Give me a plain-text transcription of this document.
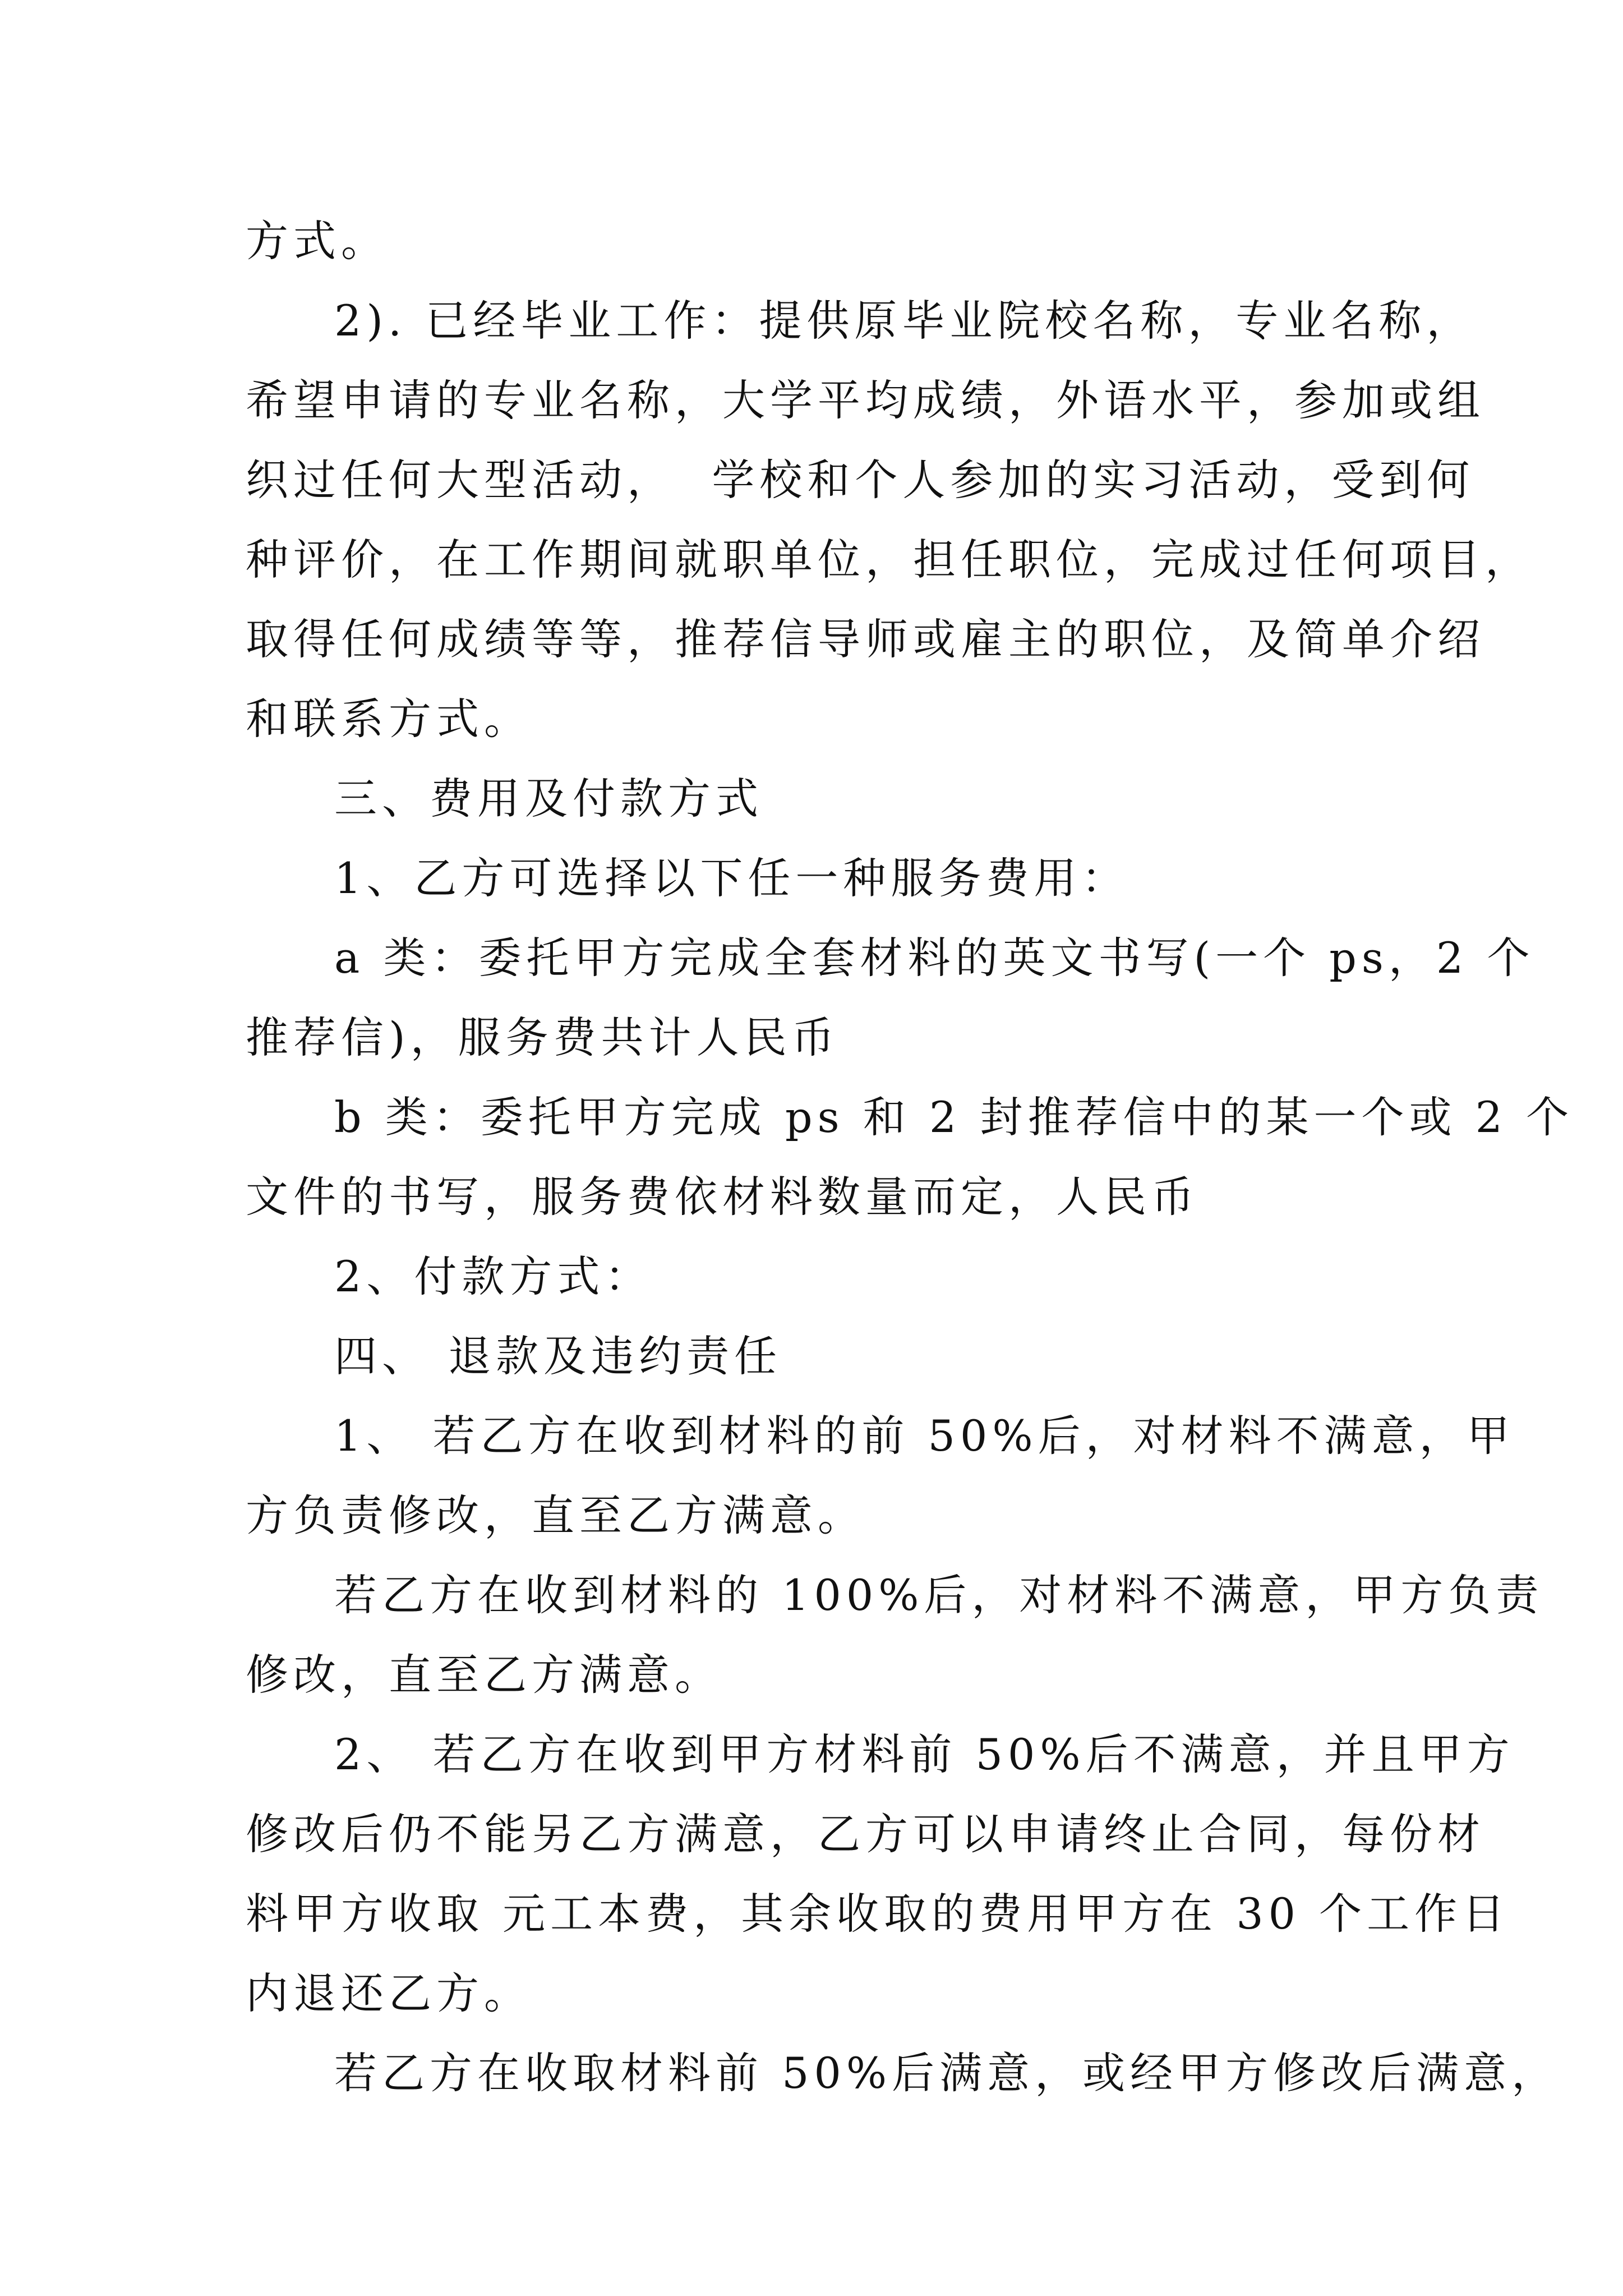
方式。
2). 已经毕业工作：提供原毕业院校名称，专业名称，
希望申请的专业名称，大学平均成绩，外语水平，参加或组
织过任何大型活动，  学校和个人参加的实习活动，受到何
种评价，在工作期间就职单位，担任职位，完成过任何项目，
取得任何成绩等等，推荐信导师或雇主的职位，及简单介绍
和联系方式。
三、费用及付款方式
1、乙方可选择以下任一种服务费用：
a 类：委托甲方完成全套材料的英文书写(一个 ps，2 个
推荐信)，服务费共计人民币
b 类：委托甲方完成 ps 和 2 封推荐信中的某一个或 2 个
文件的书写，服务费依材料数量而定，人民币
2、付款方式：
四、 退款及违约责任
1、 若乙方在收到材料的前 50%后，对材料不满意，甲
方负责修改，直至乙方满意。
若乙方在收到材料的 100%后，对材料不满意，甲方负责
修改，直至乙方满意。
2、 若乙方在收到甲方材料前 50%后不满意，并且甲方
修改后仍不能另乙方满意，乙方可以申请终止合同，每份材
料甲方收取 元工本费，其余收取的费用甲方在 30 个工作日
内退还乙方。
若乙方在收取材料前 50%后满意，或经甲方修改后满意，
